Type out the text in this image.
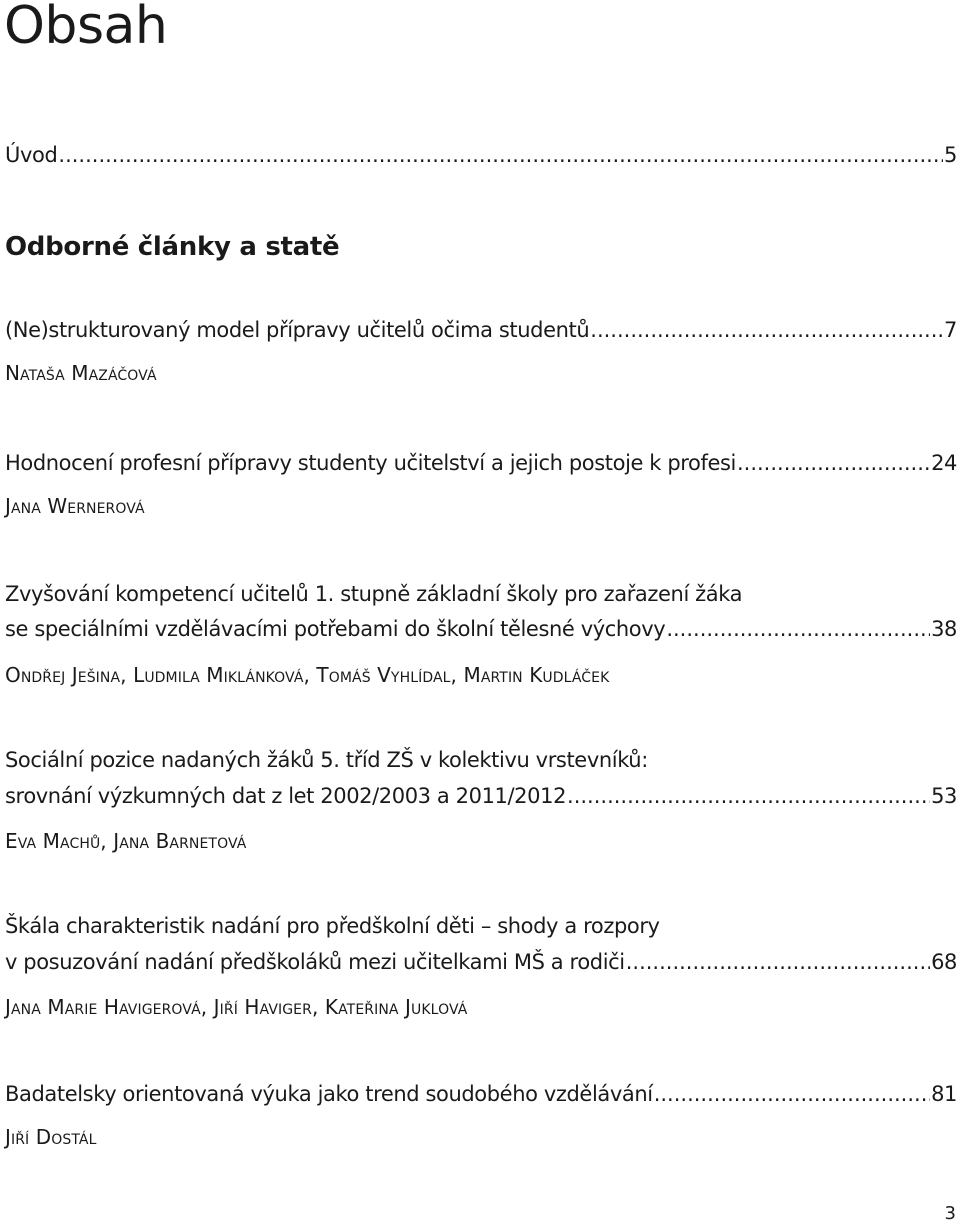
Obsah
Úvod .....	5
Odborné články a statě
(Ne)strukturovaný model přípravy učitelů očima studentů .....	7

Nataša Mazáčová

Hodnocení profesní přípravy studenty učitelství a jejich postoje k profesi .....	24

Jana Wernerová

Zvyšování kompetencí učitelů 1. stupně základní školy pro zařazení žáka

se speciálními vzdělávacími potřebami do školní tělesné výchovy .....	38

Ondřej Ješina, Ludmila Miklánková, Tomáš Vyhlídal, Martin Kudláček

Sociální pozice nadaných žáků 5. tříd ZŠ v kolektivu vrstevníků:

srovnání výzkumných dat z let 2002/2003 a 2011/2012 .....	53

Eva Machů, Jana Barnetová

Škála charakteristik nadání pro předškolní děti – shody a rozpory

v posuzování nadání předškoláků mezi učitelkami MŠ a rodiči .....	68

Jana Marie Havigerová, Jiří Haviger, Kateřina Juklová

Badatelsky orientovaná výuka jako trend soudobého vzdělávání .....	81

Jiří Dostál

3
